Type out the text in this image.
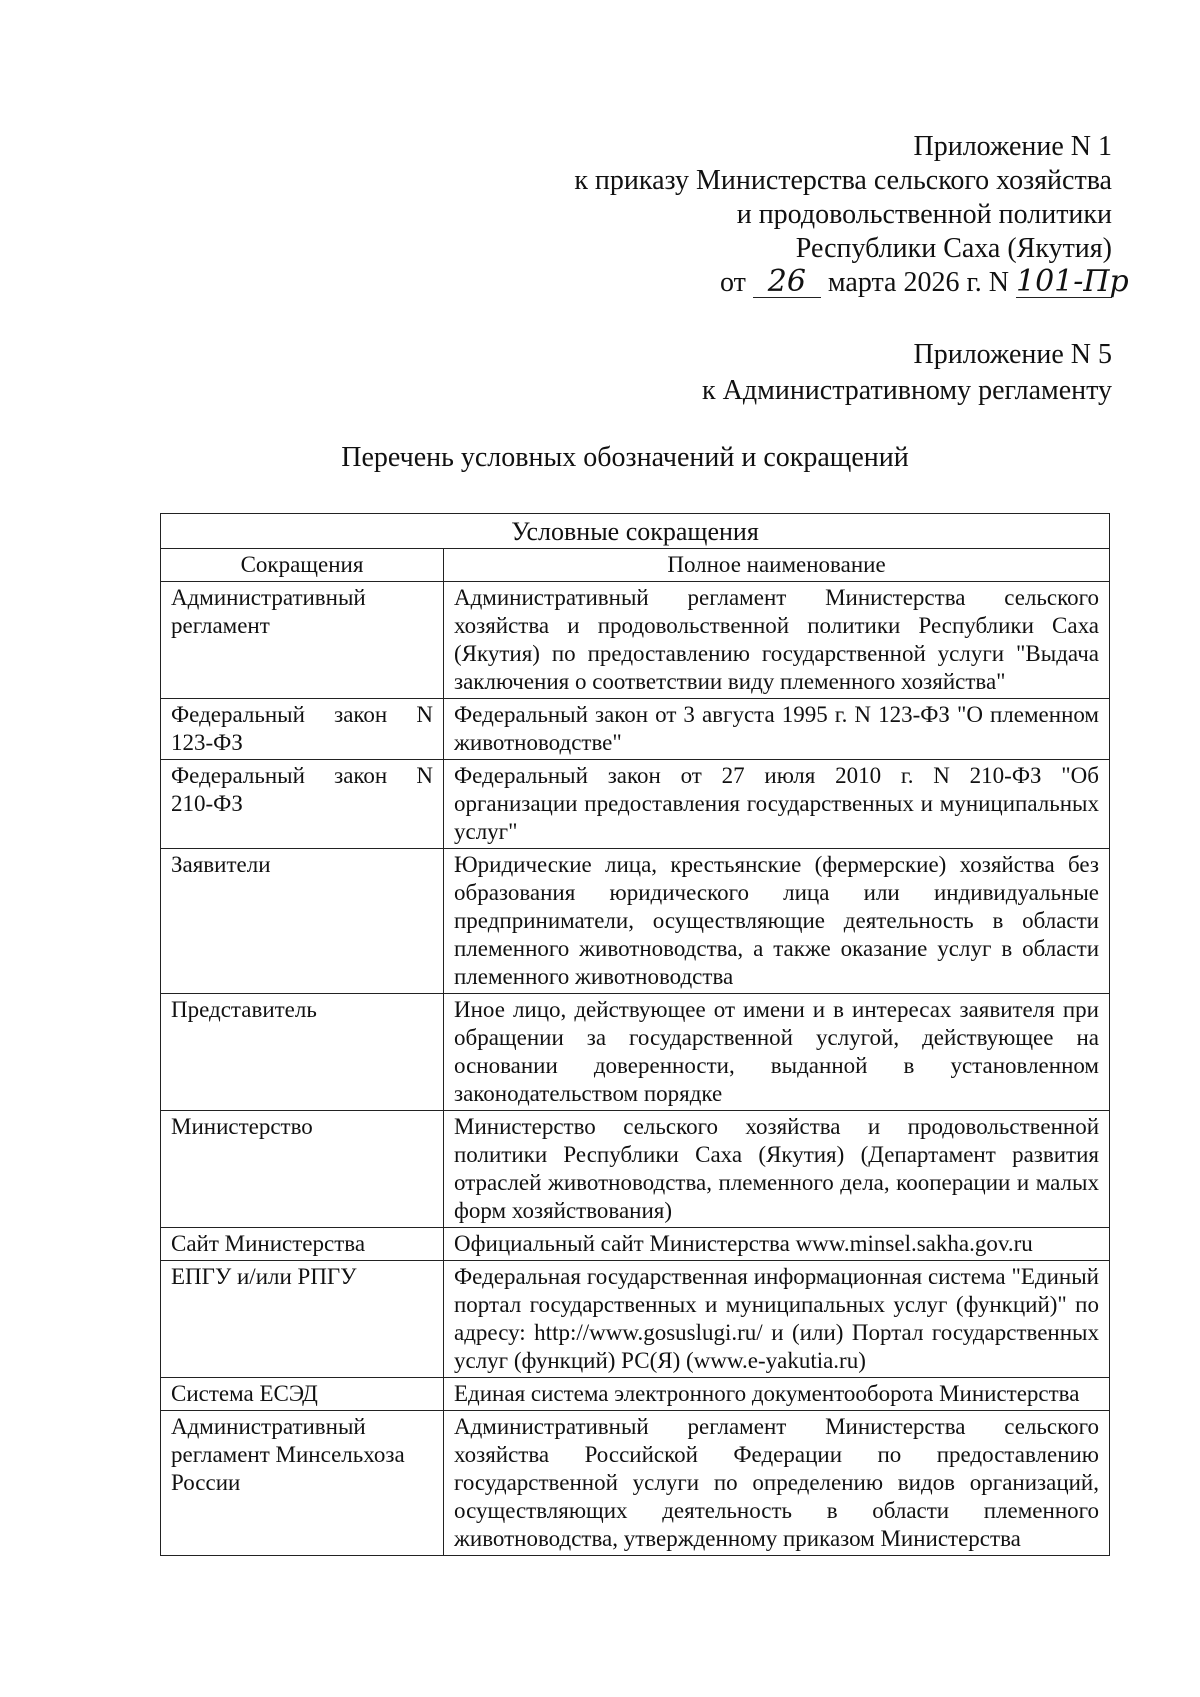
Приложение N 1
к приказу Министерства сельского хозяйства
и продовольственной политики
Республики Саха (Якутия)
от 26 марта 2026 г. N 101-Пр
Приложение N 5
к Административному регламенту
Перечень условных обозначений и сокращений
Условные сокращения	
Сокращения	Полное наименование
Административный регламент	Административный регламент Министерства сельского хозяйства и продовольственной политики Республики Саха (Якутия) по предоставлению государственной услуги "Выдача заключения о соответствии виду племенного хозяйства"
Федеральный закон N 123-ФЗ	Федеральный закон от 3 августа 1995 г. N 123-ФЗ "О племенном животноводстве"
Федеральный закон N 210-ФЗ	Федеральный закон от 27 июля 2010 г. N 210-ФЗ "Об организации предоставления государственных и муниципальных услуг"
Заявители	Юридические лица, крестьянские (фермерские) хозяйства без образования юридического лица или индивидуальные предприниматели, осуществляющие деятельность в области племенного животноводства, а также оказание услуг в области племенного животноводства
Представитель	Иное лицо, действующее от имени и в интересах заявителя при обращении за государственной услугой, действующее на основании доверенности, выданной в установленном законодательством порядке
Министерство	Министерство сельского хозяйства и продовольственной политики Республики Саха (Якутия) (Департамент развития отраслей животноводства, племенного дела, кооперации и малых форм хозяйствования)
Сайт Министерства	Официальный сайт Министерства www.minsel.sakha.gov.ru
ЕПГУ и/или РПГУ	Федеральная государственная информационная система "Единый портал государственных и муниципальных услуг (функций)" по адресу: http://www.gosuslugi.ru/ и (или) Портал государственных услуг (функций) РС(Я) (www.e-yakutia.ru)
Система ЕСЭД	Единая система электронного документооборота Министерства
Административный регламент Минсельхоза России	Административный регламент Министерства сельского хозяйства Российской Федерации по предоставлению государственной услуги по определению видов организаций, осуществляющих деятельность в области племенного животноводства, утвержденному приказом Министерства
